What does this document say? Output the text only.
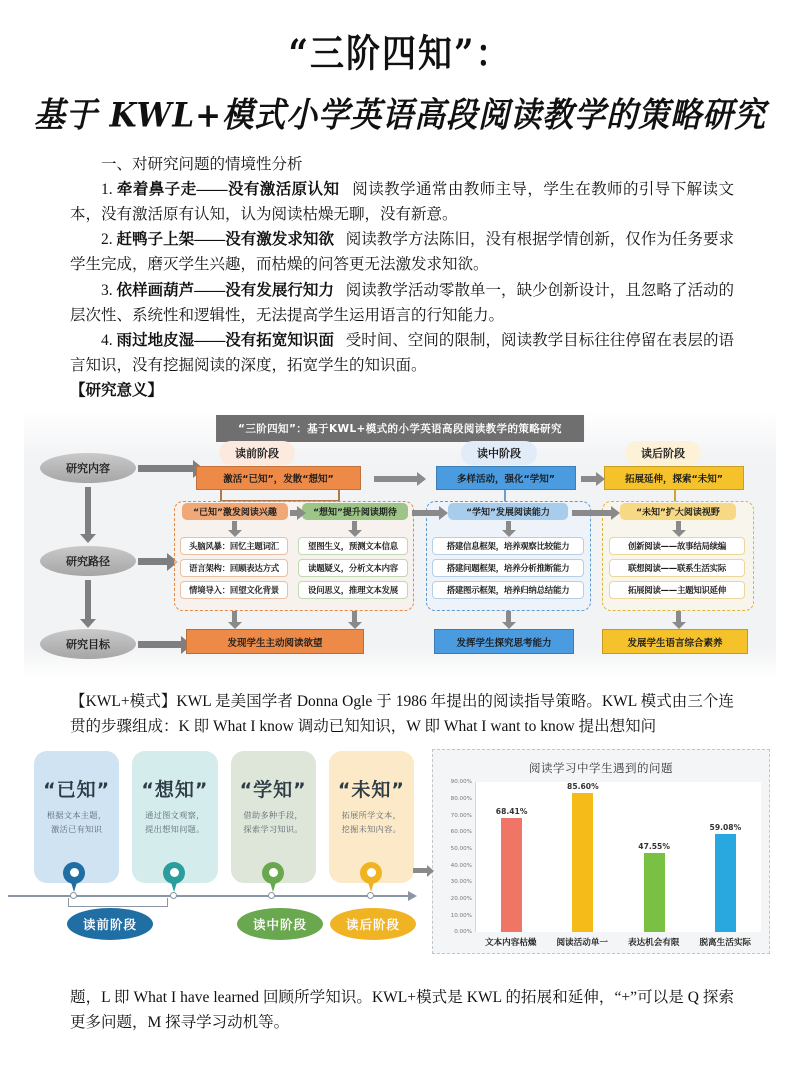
“三阶四知”：
基于 KWL+模式小学英语高段阅读教学的策略研究

一、对研究问题的情境性分析

1. 牵着鼻子走——没有激活原认知 阅读教学通常由教师主导，学生在教师的引导下解读文本，没有激活原有认知，认为阅读枯燥无聊，没有新意。

2. 赶鸭子上架——没有激发求知欲 阅读教学方法陈旧，没有根据学情创新，仅作为任务要求学生完成，磨灭学生兴趣，而枯燥的问答更无法激发求知欲。

3. 依样画葫芦——没有发展行知力 阅读教学活动零散单一，缺少创新设计，且忽略了活动的层次性、系统性和逻辑性，无法提高学生运用语言的行知能力。

4. 雨过地皮湿——没有拓宽知识面 受时间、空间的限制，阅读教学目标往往停留在表层的语言知识，没有挖掘阅读的深度，拓宽学生的知识面。

【研究意义】

“三阶四知”：基于KWL+模式的小学英语高段阅读教学的策略研究
研究内容
研究路径
研究目标
读前阶段	读中阶段	读后阶段
激活“已知”，发散“想知”	多样活动，强化“学知”	拓展延伸，探索“未知”
“已知”激发阅读兴趣	“想知”提升阅读期待	“学知”发展阅读能力	“未知”扩大阅读视野
头脑风暴：回忆主题词汇
语言架构：回顾表达方式
情境导入：回望文化背景
望图生义，预测文本信息
读题疑义，分析文本内容
设问思义，推理文本发展
搭建信息框架，培养观察比较能力
搭建问题框架，培养分析推断能力
搭建图示框架，培养归纳总结能力
创新阅读——故事结局续编
联想阅读——联系生活实际
拓展阅读——主题知识延伸
发现学生主动阅读欲望	发挥学生探究思考能力	发展学生语言综合素养

【KWL+模式】KWL 是美国学者 Donna Ogle 于 1986 年提出的阅读指导策略。KWL 模式由三个连贯的步骤组成：K 即 What I know 调动已知知识，W 即 What I want to know 提出想知问

“已知”
根据文本主题，
激活已有知识
“想知”
通过图文观察，
提出想知问题。
“学知”
借助多种手段，
探索学习知识。
“未知”
拓展所学文本，
挖掘未知内容。
读前阶段	读中阶段	读后阶段
阅读学习中学生遇到的问题
90.00%
80.00%
70.00%
60.00%
50.00%
40.00%
30.00%
20.00%
10.00%
0.00%
68.41%
85.60%
47.55%
59.08%
文本内容枯燥 阅读活动单一 表达机会有限 脱离生活实际

题，L 即 What I have learned 回顾所学知识。KWL+模式是 KWL 的拓展和延伸，“+”可以是 Q 探索更多问题，M 探寻学习动机等。
